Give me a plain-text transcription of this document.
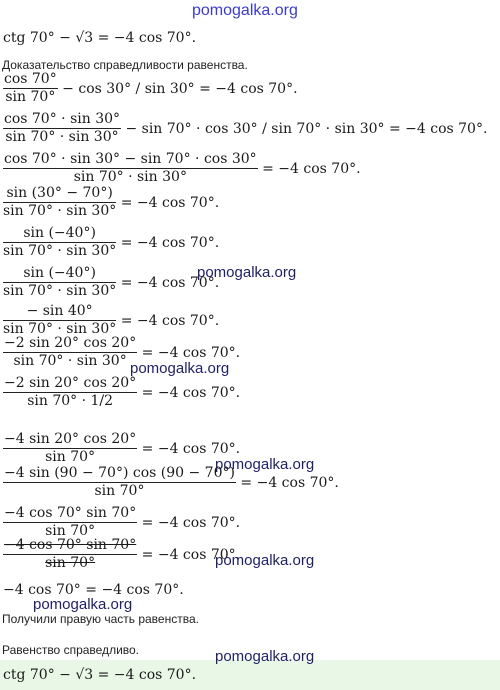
pomogalka.org
ctg 70° − √3 = −4 cos 70°.
Доказательство справедливости равенства.
$\frac{\cos 70^\circ}{\sin 70^\circ} - \cos 30^\circ / \sin 30^\circ = -4$ cos 70°.
$\frac{\cos 70^\circ \cdot \sin 30^\circ}{\sin 70^\circ \cdot \sin 30^\circ} - \sin 70^\circ \cdot \cos 30^\circ / \sin 70^\circ \cdot \sin 30^\circ = -4$ cos 70°.
$\frac{\cos 70^\circ \cdot \sin 30^\circ - \sin 70^\circ \cdot \cos 30^\circ}{\sin 70^\circ \cdot \sin 30^\circ} = -4$ cos 70°.
$\frac{\sin (30^\circ - 70^\circ)}{\sin 70^\circ \cdot \sin 30^\circ} = -4$ cos 70°.
$\frac{\sin (-40^\circ)}{\sin 70^\circ \cdot \sin 30^\circ} = -4$ cos 70°.
pomogalka.org
$\frac{\sin (-40^\circ)}{\sin 70^\circ \cdot \sin 30^\circ} = -4$ cos 70°.
$\frac{- \sin 40^\circ}{\sin 70^\circ \cdot \sin 30^\circ} = -4$ cos 70°.
$\frac{-2 \sin 20^\circ \cos 20^\circ}{\sin 70^\circ \cdot \sin 30^\circ} = -4$ cos 70°.
pomogalka.org
$\frac{-2 \sin 20^\circ \cos 20^\circ}{\sin 70^\circ \cdot 1/2} = -4$ cos 70°.
$\frac{-4 \sin 20^\circ \cos 20^\circ}{\sin 70^\circ} = -4$ cos 70°.
pomogalka.org
$\frac{-4 \sin (90 - 70^\circ) \cos (90 - 70^\circ)}{\sin 70^\circ} = -4$ cos 70°.
$\frac{-4 \cos 70^\circ \sin 70^\circ}{\sin 70^\circ} = -4$ cos 70°.
$\frac{-4 \cos 70^\circ \sin 70^\circ}{\sin 70^\circ} = -4$ cos 70°.
pomogalka.org
−4 cos 70° = −4 cos 70°.
pomogalka.org
Получили правую часть равенства.
Равенство справедливо.	pomogalka.org
ctg 70° − √3 = −4 cos 70°.
